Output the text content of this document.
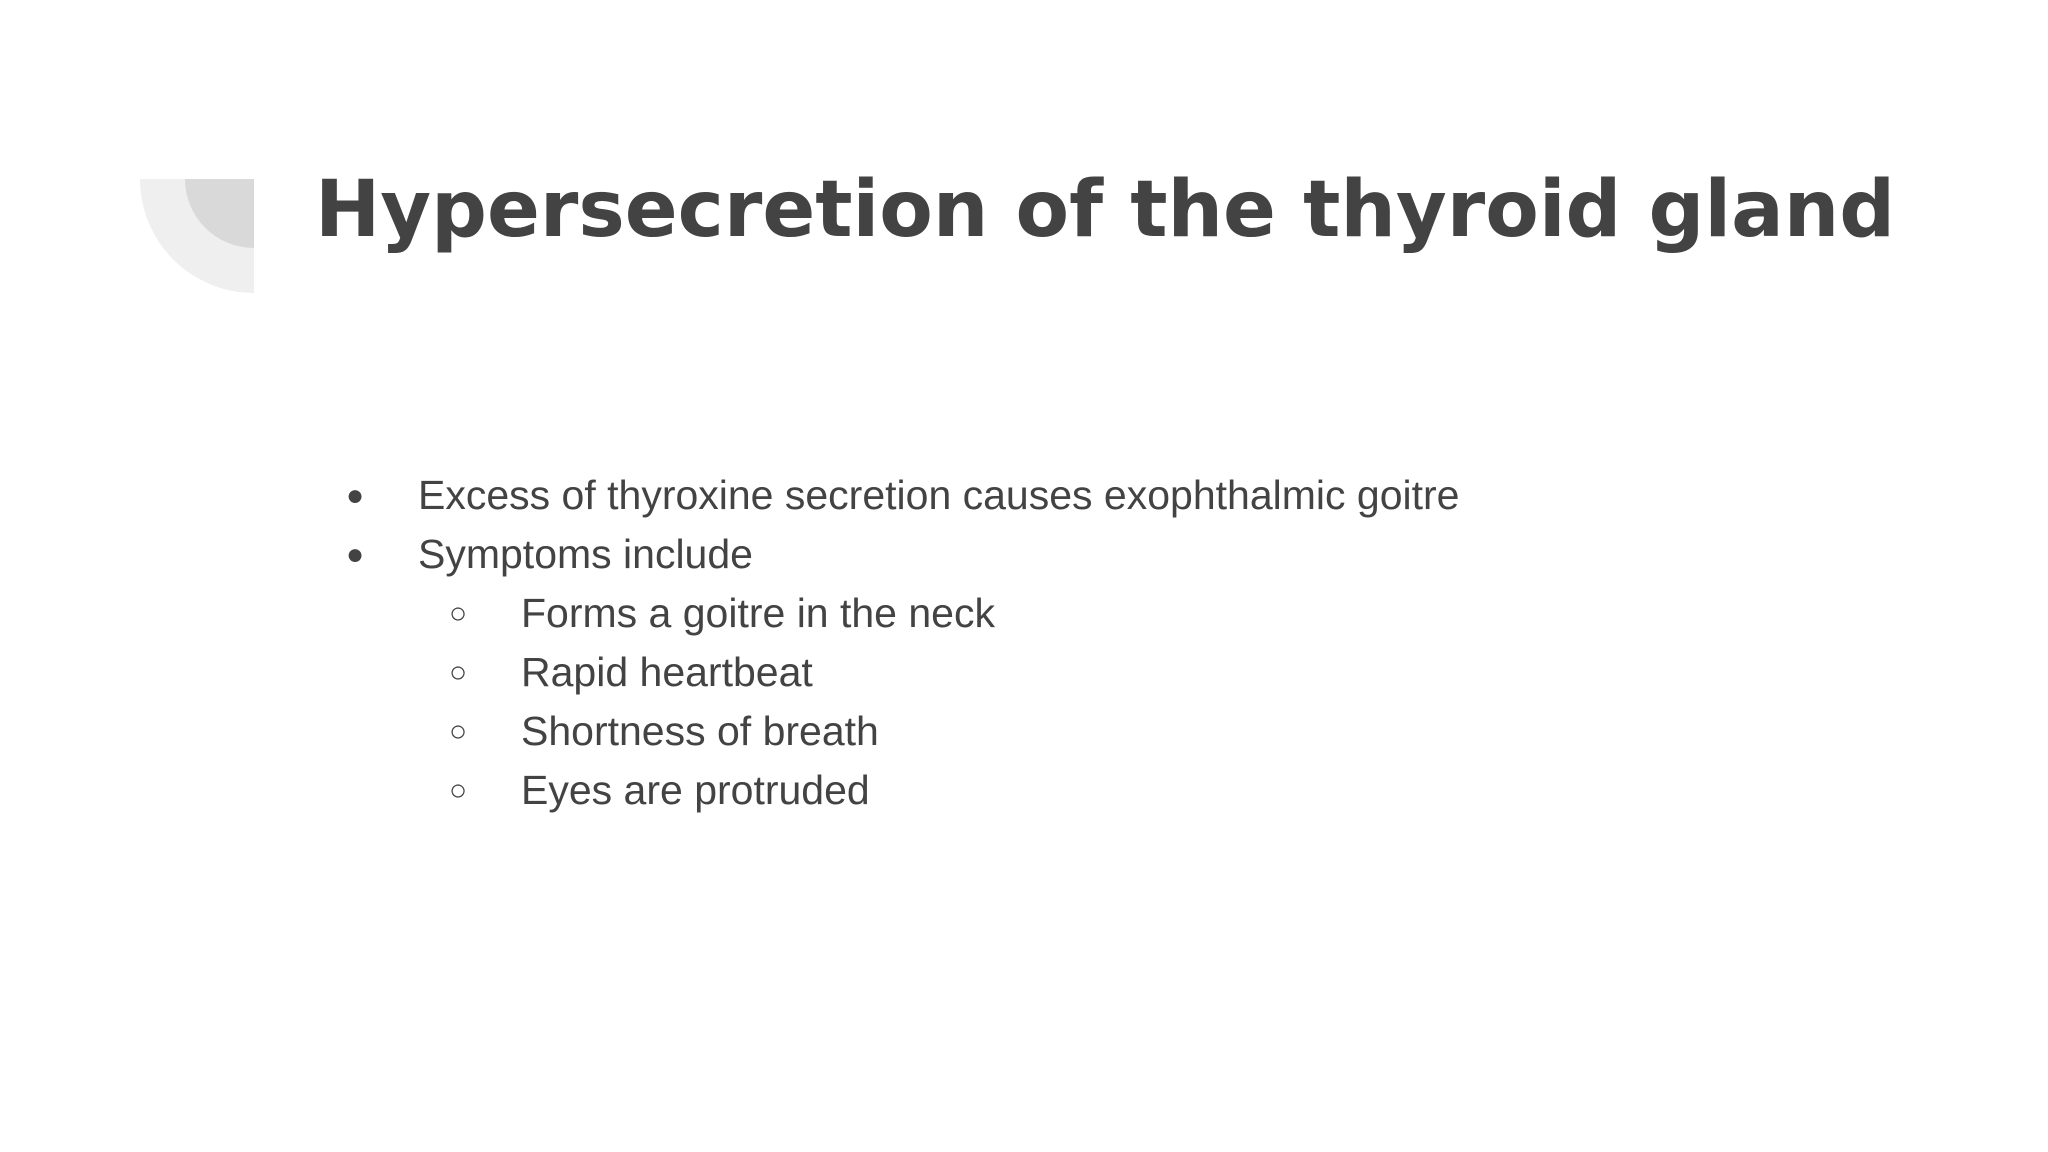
Hypersecretion of the thyroid gland
● Excess of thyroxine secretion causes exophthalmic goitre
● Symptoms include
○ Forms a goitre in the neck
○ Rapid heartbeat
○ Shortness of breath
○ Eyes are protruded
